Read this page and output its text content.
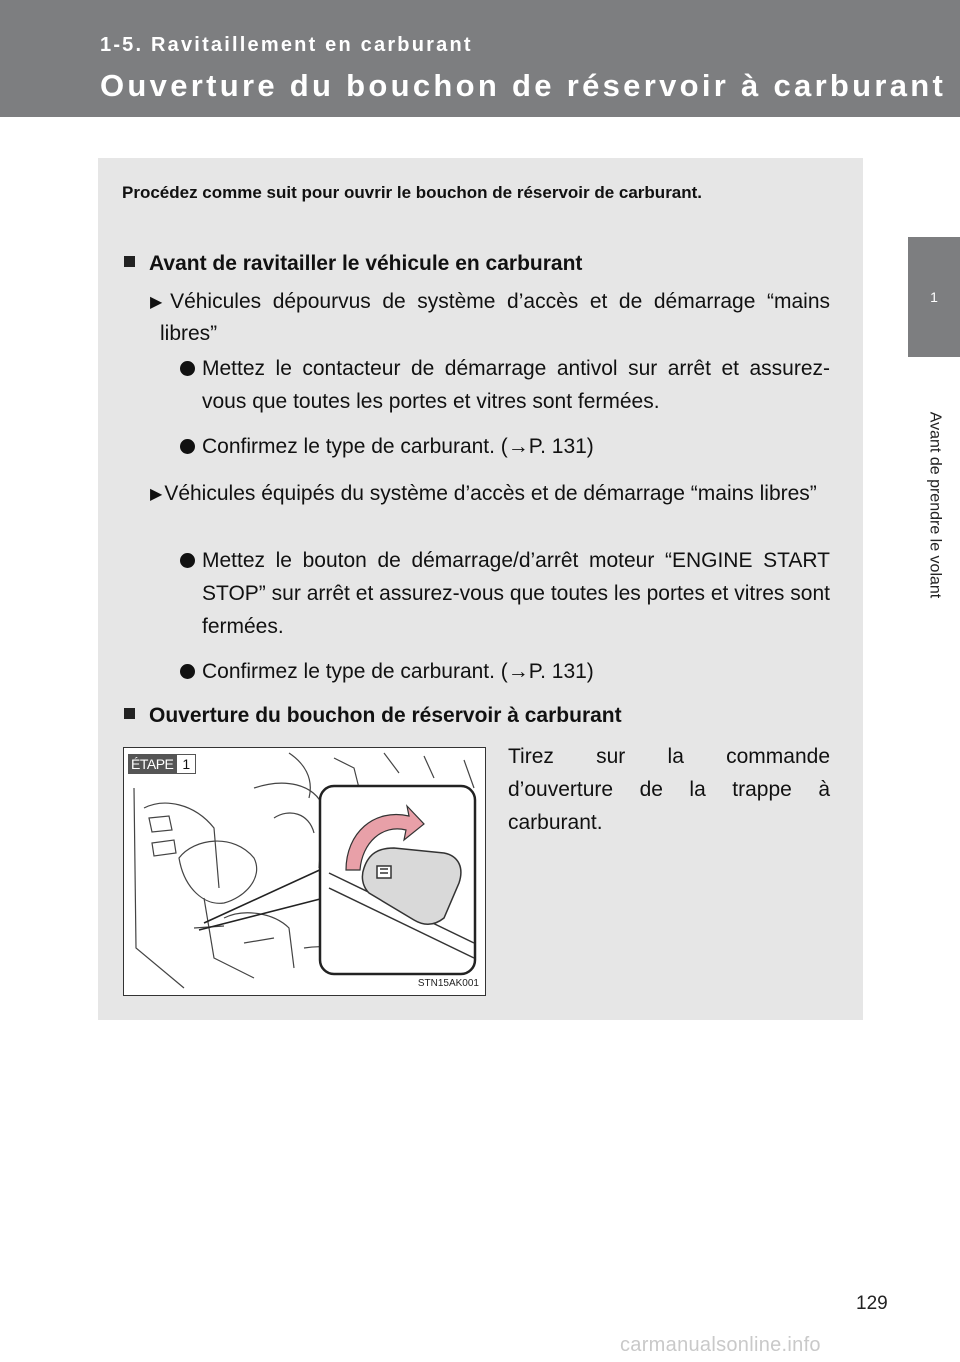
1-5. Ravitaillement en carburant
Ouverture du bouchon de réservoir à carburant
1
Avant de prendre le volant
Procédez comme suit pour ouvrir le bouchon de réservoir de carburant.
Avant de ravitailler le véhicule en carburant
▶Véhicules dépourvus de système d’accès et de démarrage “mains libres”
Mettez le contacteur de démarrage antivol sur arrêt et assurez-vous que toutes les portes et vitres sont fermées.
Confirmez le type de carburant. (→P. 131)
▶Véhicules équipés du système d’accès et de démarrage “mains libres”
Mettez le bouton de démarrage/d’arrêt moteur “ENGINE START STOP” sur arrêt et assurez-vous que toutes les portes et vitres sont fermées.
Confirmez le type de carburant. (→P. 131)
Ouverture du bouchon de réservoir à carburant
ÉTAPE 1
STN15AK001
Tirez sur la commande d’ouverture de la trappe à carburant.
129
carmanualsonline.info
